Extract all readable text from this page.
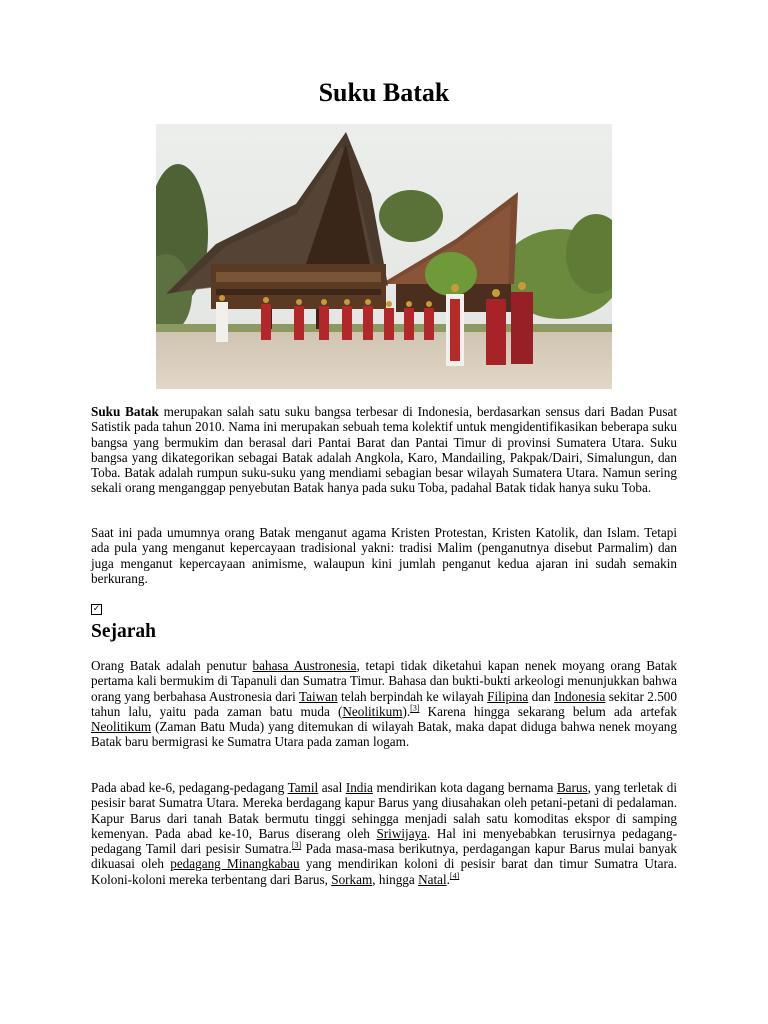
Suku Batak

Suku Batak merupakan salah satu suku bangsa terbesar di Indonesia, berdasarkan sensus dari Badan Pusat Satistik pada tahun 2010. Nama ini merupakan sebuah tema kolektif untuk mengidentifikasikan beberapa suku bangsa yang bermukim dan berasal dari Pantai Barat dan Pantai Timur di provinsi Sumatera Utara. Suku bangsa yang dikategorikan sebagai Batak adalah Angkola, Karo, Mandailing, Pakpak/Dairi, Simalungun, dan Toba. Batak adalah rumpun suku-suku yang mendiami sebagian besar wilayah Sumatera Utara. Namun sering sekali orang menganggap penyebutan Batak hanya pada suku Toba, padahal Batak tidak hanya suku Toba.

Saat ini pada umumnya orang Batak menganut agama Kristen Protestan, Kristen Katolik, dan Islam. Tetapi ada pula yang menganut kepercayaan tradisional yakni: tradisi Malim (penganutnya disebut Parmalim) dan juga menganut kepercayaan animisme, walaupun kini jumlah penganut kedua ajaran ini sudah semakin berkurang.

✓
Sejarah

Orang Batak adalah penutur bahasa Austronesia, tetapi tidak diketahui kapan nenek moyang orang Batak pertama kali bermukim di Tapanuli dan Sumatra Timur. Bahasa dan bukti-bukti arkeologi menunjukkan bahwa orang yang berbahasa Austronesia dari Taiwan telah berpindah ke wilayah Filipina dan Indonesia sekitar 2.500 tahun lalu, yaitu pada zaman batu muda (Neolitikum).[3] Karena hingga sekarang belum ada artefak Neolitikum (Zaman Batu Muda) yang ditemukan di wilayah Batak, maka dapat diduga bahwa nenek moyang Batak baru bermigrasi ke Sumatra Utara pada zaman logam.

Pada abad ke-6, pedagang-pedagang Tamil asal India mendirikan kota dagang bernama Barus, yang terletak di pesisir barat Sumatra Utara. Mereka berdagang kapur Barus yang diusahakan oleh petani-petani di pedalaman. Kapur Barus dari tanah Batak bermutu tinggi sehingga menjadi salah satu komoditas ekspor di samping kemenyan. Pada abad ke-10, Barus diserang oleh Sriwijaya. Hal ini menyebabkan terusirnya pedagang-pedagang Tamil dari pesisir Sumatra.[3] Pada masa-masa berikutnya, perdagangan kapur Barus mulai banyak dikuasai oleh pedagang Minangkabau yang mendirikan koloni di pesisir barat dan timur Sumatra Utara. Koloni-koloni mereka terbentang dari Barus, Sorkam, hingga Natal.[4]
